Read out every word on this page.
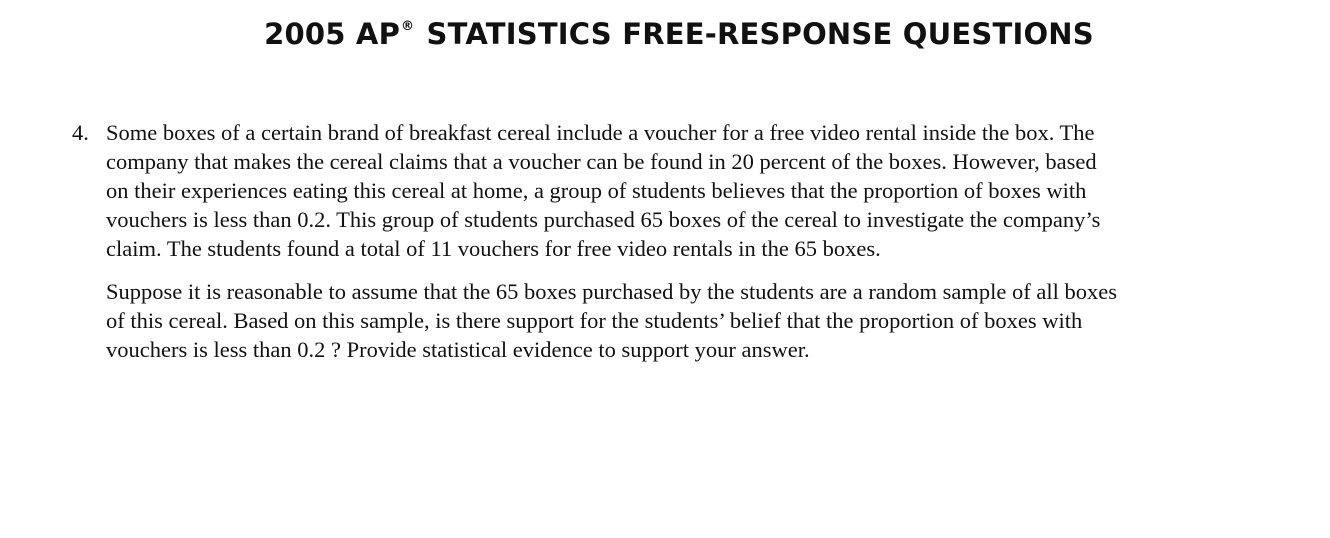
2005 AP® STATISTICS FREE-RESPONSE QUESTIONS
4. Some boxes of a certain brand of breakfast cereal include a voucher for a free video rental inside the box. The
company that makes the cereal claims that a voucher can be found in 20 percent of the boxes. However, based
on their experiences eating this cereal at home, a group of students believes that the proportion of boxes with
vouchers is less than 0.2. This group of students purchased 65 boxes of the cereal to investigate the company’s
claim. The students found a total of 11 vouchers for free video rentals in the 65 boxes.

Suppose it is reasonable to assume that the 65 boxes purchased by the students are a random sample of all boxes
of this cereal. Based on this sample, is there support for the students’ belief that the proportion of boxes with
vouchers is less than 0.2 ? Provide statistical evidence to support your answer.
